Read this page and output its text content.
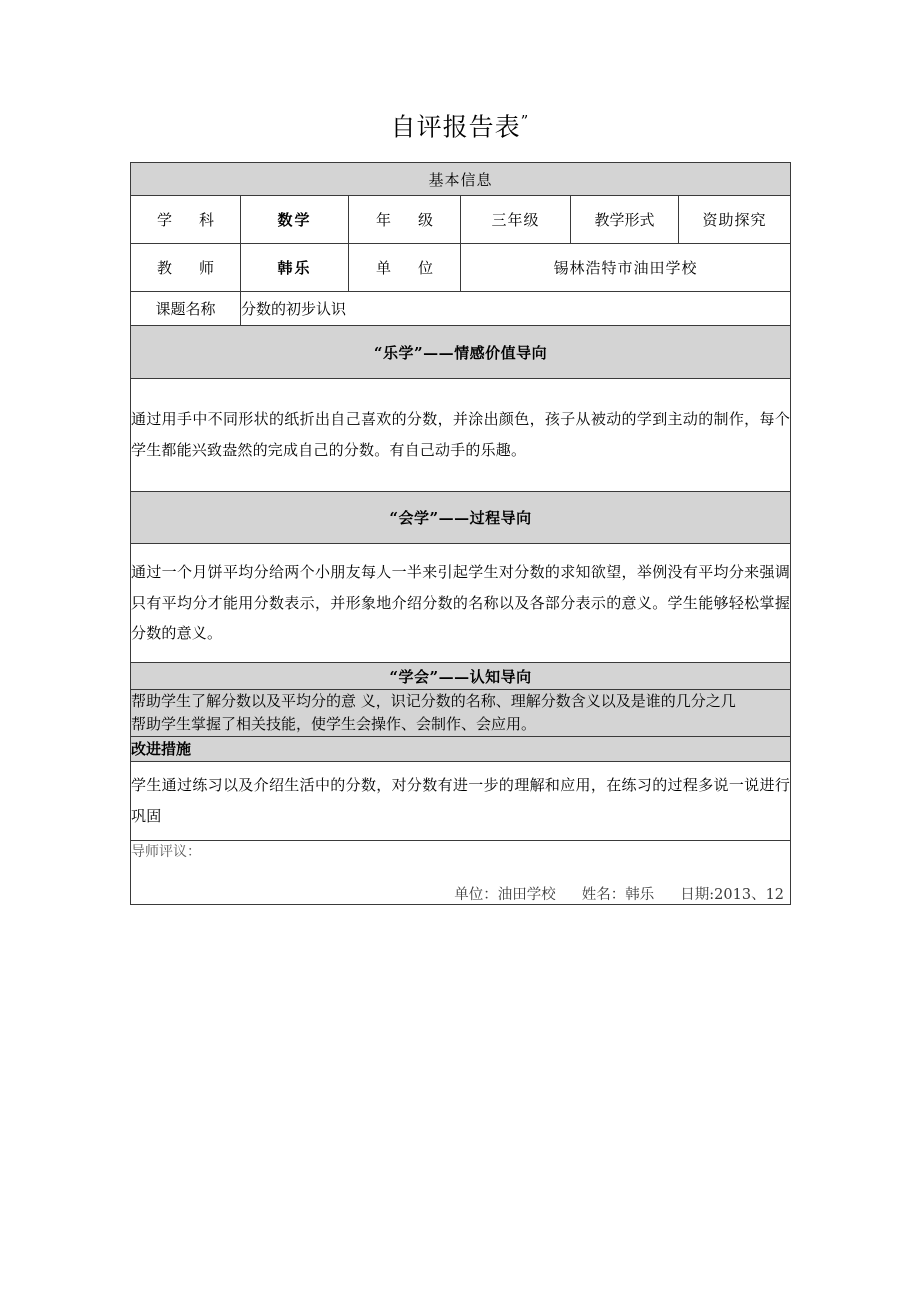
自评报告表”
基本信息					
学　科	数学	年　级	三年级	教学形式	资助探究
教　师	韩乐	单　位	锡林浩特市油田学校		
课题名称	分数的初步认识				
“乐学”——情感价值导向					
通过用手中不同形状的纸折出自己喜欢的分数，并涂出颜色，孩子从被动的学到主动的制作，每个学生都能兴致盎然的完成自己的分数。有自己动手的乐趣。					
“会学”——过程导向					
通过一个月饼平均分给两个小朋友每人一半来引起学生对分数的求知欲望，举例没有平均分来强调只有平均分才能用分数表示，并形象地介绍分数的名称以及各部分表示的意义。学生能够轻松掌握分数的意义。					
“学会”——认知导向					

帮助学生了解分数以及平均分的意 义，识记分数的名称、理解分数含义以及是谁的几分之几
帮助学生掌握了相关技能，使学生会操作、会制作、会应用。					

改进措施					
学生通过练习以及介绍生活中的分数，对分数有进一步的理解和应用，在练习的过程多说一说进行巩固					

导师评议：
单位：油田学校 姓名：韩乐 日期:2013、12					
